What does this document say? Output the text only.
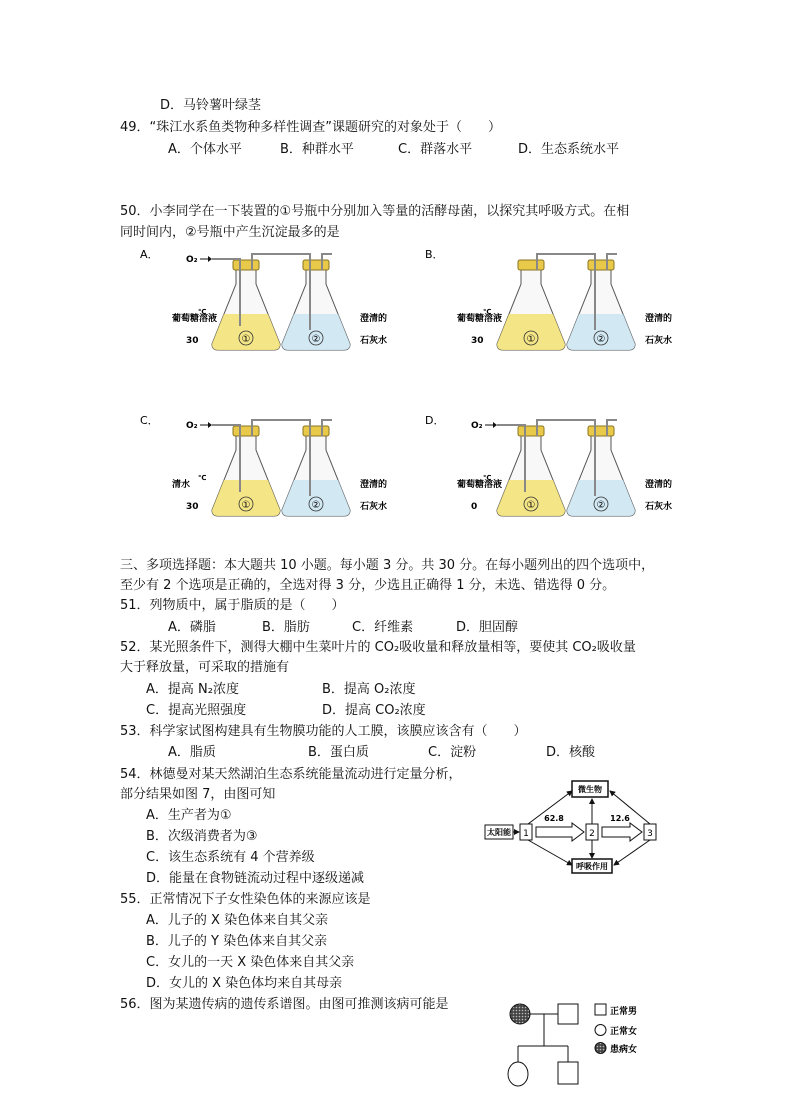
D．马铃薯叶绿茎
49．“珠江水系鱼类物种多样性调查”课题研究的对象处于（　　）
A．个体水平	B．种群水平	C．群落水平	D．生态系统水平
50．小李同学在一下装置的①号瓶中分别加入等量的活酵母菌，以探究其呼吸方式。在相
同时间内，②号瓶中产生沉淀最多的是
A．	O₂
①	②
葡萄糖溶液
℃
30
澄清的
石灰水
B．
①	②
葡萄糖溶液
℃
30
澄清的
石灰水
C．	O₂
①	②
清水
℃
30
澄清的
石灰水
D．	O₂
①	②
葡萄糖溶液
℃
0
澄清的
石灰水
三、多项选择题：本大题共 10 小题。每小题 3 分。共 30 分。在每小题列出的四个选项中，
至少有 2 个选项是正确的，全选对得 3 分，少选且正确得 1 分，未选、错选得 0 分。
51．列物质中，属于脂质的是（　　）
A．磷脂	B．脂肪	C．纤维素	D．胆固醇
52．某光照条件下，测得大棚中生菜叶片的 CO₂吸收量和释放量相等，要使其 CO₂吸收量
大于释放量，可采取的措施有
A．提高 N₂浓度	B．提高 O₂浓度
C．提高光照强度	D．提高 CO₂浓度
53．科学家试图构建具有生物膜功能的人工膜，该膜应该含有（　　）
A．脂质	B．蛋白质	C．淀粉	D．核酸
54．林德曼对某天然湖泊生态系统能量流动进行定量分析，
部分结果如图 7，由图可知
A．生产者为①
B．次级消费者为③
C．该生态系统有 4 个营养级
D．能量在食物链流动过程中逐级递减
太阳能 1
62.8
2
12.6
3
微生物
呼吸作用
55．正常情况下子女性染色体的来源应该是
A．儿子的 X 染色体来自其父亲
B．儿子的 Y 染色体来自其父亲
C．女儿的一天 X 染色体来自其父亲
D．女儿的 X 染色体均来自其母亲
56．图为某遗传病的遗传系谱图。由图可推测该病可能是	正常男
正常女
患病女
